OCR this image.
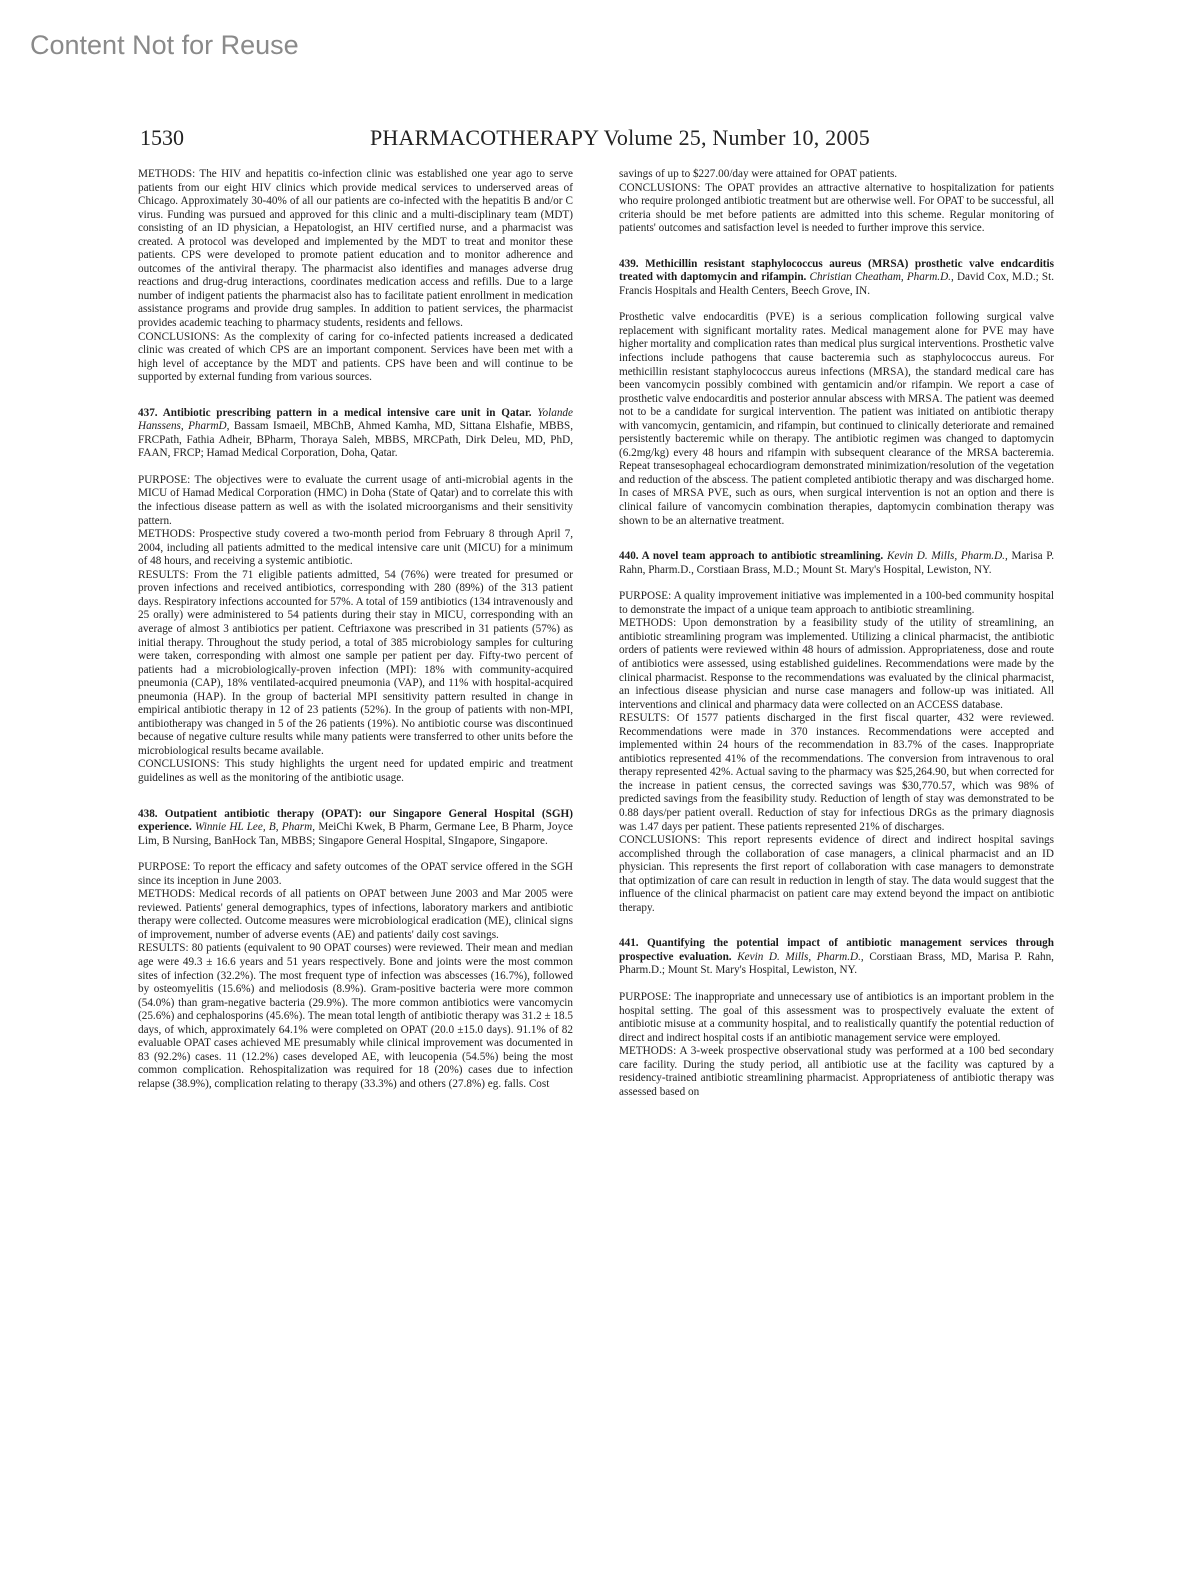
Content Not for Reuse
1530	PHARMACOTHERAPY Volume 25, Number 10, 2005

METHODS: The HIV and hepatitis co-infection clinic was established one year ago to serve patients from our eight HIV clinics which provide medical services to underserved areas of Chicago. Approximately 30-40% of all our patients are co-infected with the hepatitis B and/or C virus. Funding was pursued and approved for this clinic and a multi-disciplinary team (MDT) consisting of an ID physician, a Hepatologist, an HIV certified nurse, and a pharmacist was created. A protocol was developed and implemented by the MDT to treat and monitor these patients. CPS were developed to promote patient education and to monitor adherence and outcomes of the antiviral therapy. The pharmacist also identifies and manages adverse drug reactions and drug-drug interactions, coordinates medication access and refills. Due to a large number of indigent patients the pharmacist also has to facilitate patient enrollment in medication assistance programs and provide drug samples. In addition to patient services, the pharmacist provides academic teaching to pharmacy students, residents and fellows.

CONCLUSIONS: As the complexity of caring for co-infected patients increased a dedicated clinic was created of which CPS are an important component. Services have been met with a high level of acceptance by the MDT and patients. CPS have been and will continue to be supported by external funding from various sources.

437. Antibiotic prescribing pattern in a medical intensive care unit in Qatar. Yolande Hanssens, PharmD, Bassam Ismaeil, MBChB, Ahmed Kamha, MD, Sittana Elshafie, MBBS, FRCPath, Fathia Adheir, BPharm, Thoraya Saleh, MBBS, MRCPath, Dirk Deleu, MD, PhD, FAAN, FRCP; Hamad Medical Corporation, Doha, Qatar.

PURPOSE: The objectives were to evaluate the current usage of anti-microbial agents in the MICU of Hamad Medical Corporation (HMC) in Doha (State of Qatar) and to correlate this with the infectious disease pattern as well as with the isolated microorganisms and their sensitivity pattern.

METHODS: Prospective study covered a two-month period from February 8 through April 7, 2004, including all patients admitted to the medical intensive care unit (MICU) for a minimum of 48 hours, and receiving a systemic antibiotic.

RESULTS: From the 71 eligible patients admitted, 54 (76%) were treated for presumed or proven infections and received antibiotics, corresponding with 280 (89%) of the 313 patient days. Respiratory infections accounted for 57%. A total of 159 antibiotics (134 intravenously and 25 orally) were administered to 54 patients during their stay in MICU, corresponding with an average of almost 3 antibiotics per patient. Ceftriaxone was prescribed in 31 patients (57%) as initial therapy. Throughout the study period, a total of 385 microbiology samples for culturing were taken, corresponding with almost one sample per patient per day. Fifty-two percent of patients had a microbiologically-proven infection (MPI): 18% with community-acquired pneumonia (CAP), 18% ventilated-acquired pneumonia (VAP), and 11% with hospital-acquired pneumonia (HAP). In the group of bacterial MPI sensitivity pattern resulted in change in empirical antibiotic therapy in 12 of 23 patients (52%). In the group of patients with non-MPI, antibiotherapy was changed in 5 of the 26 patients (19%). No antibiotic course was discontinued because of negative culture results while many patients were transferred to other units before the microbiological results became available.

CONCLUSIONS: This study highlights the urgent need for updated empiric and treatment guidelines as well as the monitoring of the antibiotic usage.

438. Outpatient antibiotic therapy (OPAT): our Singapore General Hospital (SGH) experience. Winnie HL Lee, B, Pharm, MeiChi Kwek, B Pharm, Germane Lee, B Pharm, Joyce Lim, B Nursing, BanHock Tan, MBBS; Singapore General Hospital, SIngapore, Singapore.

PURPOSE: To report the efficacy and safety outcomes of the OPAT service offered in the SGH since its inception in June 2003.

METHODS: Medical records of all patients on OPAT between June 2003 and Mar 2005 were reviewed. Patients' general demographics, types of infections, laboratory markers and antibiotic therapy were collected. Outcome measures were microbiological eradication (ME), clinical signs of improvement, number of adverse events (AE) and patients' daily cost savings.

RESULTS: 80 patients (equivalent to 90 OPAT courses) were reviewed. Their mean and median age were 49.3 ± 16.6 years and 51 years respectively. Bone and joints were the most common sites of infection (32.2%). The most frequent type of infection was abscesses (16.7%), followed by osteomyelitis (15.6%) and meliodosis (8.9%). Gram-positive bacteria were more common (54.0%) than gram-negative bacteria (29.9%). The more common antibiotics were vancomycin (25.6%) and cephalosporins (45.6%). The mean total length of antibiotic therapy was 31.2 ± 18.5 days, of which, approximately 64.1% were completed on OPAT (20.0 ±15.0 days). 91.1% of 82 evaluable OPAT cases achieved ME presumably while clinical improvement was documented in 83 (92.2%) cases. 11 (12.2%) cases developed AE, with leucopenia (54.5%) being the most common complication. Rehospitalization was required for 18 (20%) cases due to infection relapse (38.9%), complication relating to therapy (33.3%) and others (27.8%) eg. falls. Cost

savings of up to $227.00/day were attained for OPAT patients.

CONCLUSIONS: The OPAT provides an attractive alternative to hospitalization for patients who require prolonged antibiotic treatment but are otherwise well. For OPAT to be successful, all criteria should be met before patients are admitted into this scheme. Regular monitoring of patients' outcomes and satisfaction level is needed to further improve this service.

439. Methicillin resistant staphylococcus aureus (MRSA) prosthetic valve endcarditis treated with daptomycin and rifampin. Christian Cheatham, Pharm.D., David Cox, M.D.; St. Francis Hospitals and Health Centers, Beech Grove, IN.

Prosthetic valve endocarditis (PVE) is a serious complication following surgical valve replacement with significant mortality rates. Medical management alone for PVE may have higher mortality and complication rates than medical plus surgical interventions. Prosthetic valve infections include pathogens that cause bacteremia such as staphylococcus aureus. For methicillin resistant staphylococcus aureus infections (MRSA), the standard medical care has been vancomycin possibly combined with gentamicin and/or rifampin. We report a case of prosthetic valve endocarditis and posterior annular abscess with MRSA. The patient was deemed not to be a candidate for surgical intervention. The patient was initiated on antibiotic therapy with vancomycin, gentamicin, and rifampin, but continued to clinically deteriorate and remained persistently bacteremic while on therapy. The antibiotic regimen was changed to daptomycin (6.2mg/kg) every 48 hours and rifampin with subsequent clearance of the MRSA bacteremia. Repeat transesophageal echocardiogram demonstrated minimization/resolution of the vegetation and reduction of the abscess. The patient completed antibiotic therapy and was discharged home. In cases of MRSA PVE, such as ours, when surgical intervention is not an option and there is clinical failure of vancomycin combination therapies, daptomycin combination therapy was shown to be an alternative treatment.

440. A novel team approach to antibiotic streamlining. Kevin D. Mills, Pharm.D., Marisa P. Rahn, Pharm.D., Corstiaan Brass, M.D.; Mount St. Mary's Hospital, Lewiston, NY.

PURPOSE: A quality improvement initiative was implemented in a 100-bed community hospital to demonstrate the impact of a unique team approach to antibiotic streamlining.

METHODS: Upon demonstration by a feasibility study of the utility of streamlining, an antibiotic streamlining program was implemented. Utilizing a clinical pharmacist, the antibiotic orders of patients were reviewed within 48 hours of admission. Appropriateness, dose and route of antibiotics were assessed, using established guidelines. Recommendations were made by the clinical pharmacist. Response to the recommendations was evaluated by the clinical pharmacist, an infectious disease physician and nurse case managers and follow-up was initiated. All interventions and clinical and pharmacy data were collected on an ACCESS database.

RESULTS: Of 1577 patients discharged in the first fiscal quarter, 432 were reviewed. Recommendations were made in 370 instances. Recommendations were accepted and implemented within 24 hours of the recommendation in 83.7% of the cases. Inappropriate antibiotics represented 41% of the recommendations. The conversion from intravenous to oral therapy represented 42%. Actual saving to the pharmacy was $25,264.90, but when corrected for the increase in patient census, the corrected savings was $30,770.57, which was 98% of predicted savings from the feasibility study. Reduction of length of stay was demonstrated to be 0.88 days/per patient overall. Reduction of stay for infectious DRGs as the primary diagnosis was 1.47 days per patient. These patients represented 21% of discharges.

CONCLUSIONS: This report represents evidence of direct and indirect hospital savings accomplished through the collaboration of case managers, a clinical pharmacist and an ID physician. This represents the first report of collaboration with case managers to demonstrate that optimization of care can result in reduction in length of stay. The data would suggest that the influence of the clinical pharmacist on patient care may extend beyond the impact on antibiotic therapy.

441. Quantifying the potential impact of antibiotic management services through prospective evaluation. Kevin D. Mills, Pharm.D., Corstiaan Brass, MD, Marisa P. Rahn, Pharm.D.; Mount St. Mary's Hospital, Lewiston, NY.

PURPOSE: The inappropriate and unnecessary use of antibiotics is an important problem in the hospital setting. The goal of this assessment was to prospectively evaluate the extent of antibiotic misuse at a community hospital, and to realistically quantify the potential reduction of direct and indirect hospital costs if an antibiotic management service were employed.

METHODS: A 3-week prospective observational study was performed at a 100 bed secondary care facility. During the study period, all antibiotic use at the facility was captured by a residency-trained antibiotic streamlining pharmacist. Appropriateness of antibiotic therapy was assessed based on
